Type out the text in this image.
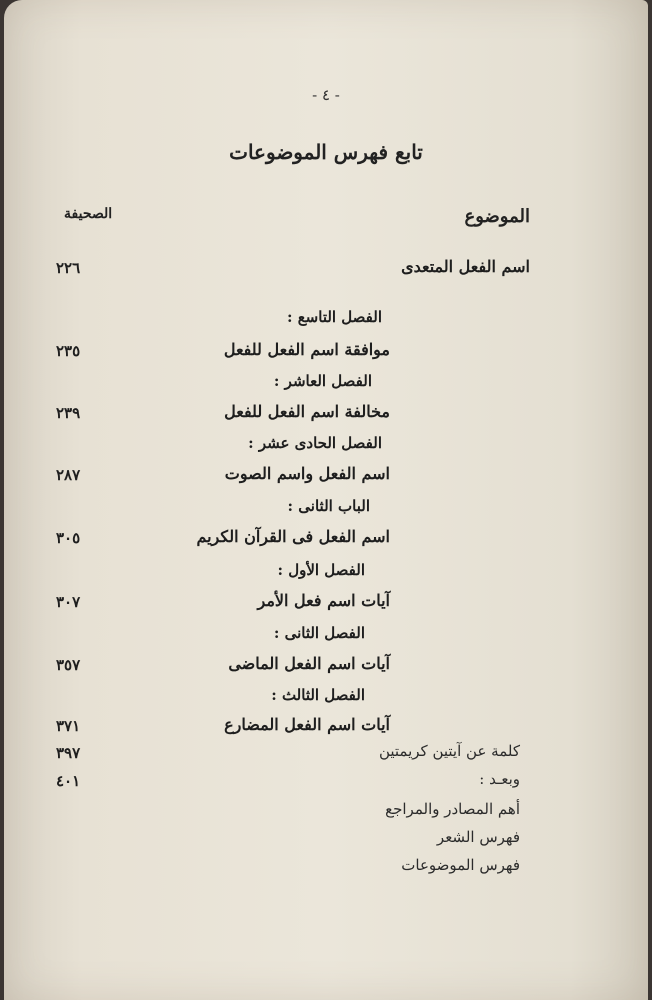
- ٤ -
تابع فهرس الموضوعات
الموضوع
الصحيفة
اسم الفعل المتعدى
٢٢٦
الفصل التاسع :
موافقة اسم الفعل للفعل
٢٣٥
الفصل العاشر :
مخالفة اسم الفعل للفعل
٢٣٩
الفصل الحادى عشر :
اسم الفعل واسم الصوت
٢٨٧
الباب الثانى :
اسم الفعل فى القرآن الكريم
٣٠٥
الفصل الأول :
آيات اسم فعل الأمر
٣٠٧
الفصل الثانى :
آيات اسم الفعل الماضى
٣٥٧
الفصل الثالث :
آيات اسم الفعل المضارع
٣٧١
كلمة عن آيتين كريمتين
٣٩٧
وبعـد :
٤٠١
أهم المصادر والمراجع
فهرس الشعر
فهرس الموضوعات
